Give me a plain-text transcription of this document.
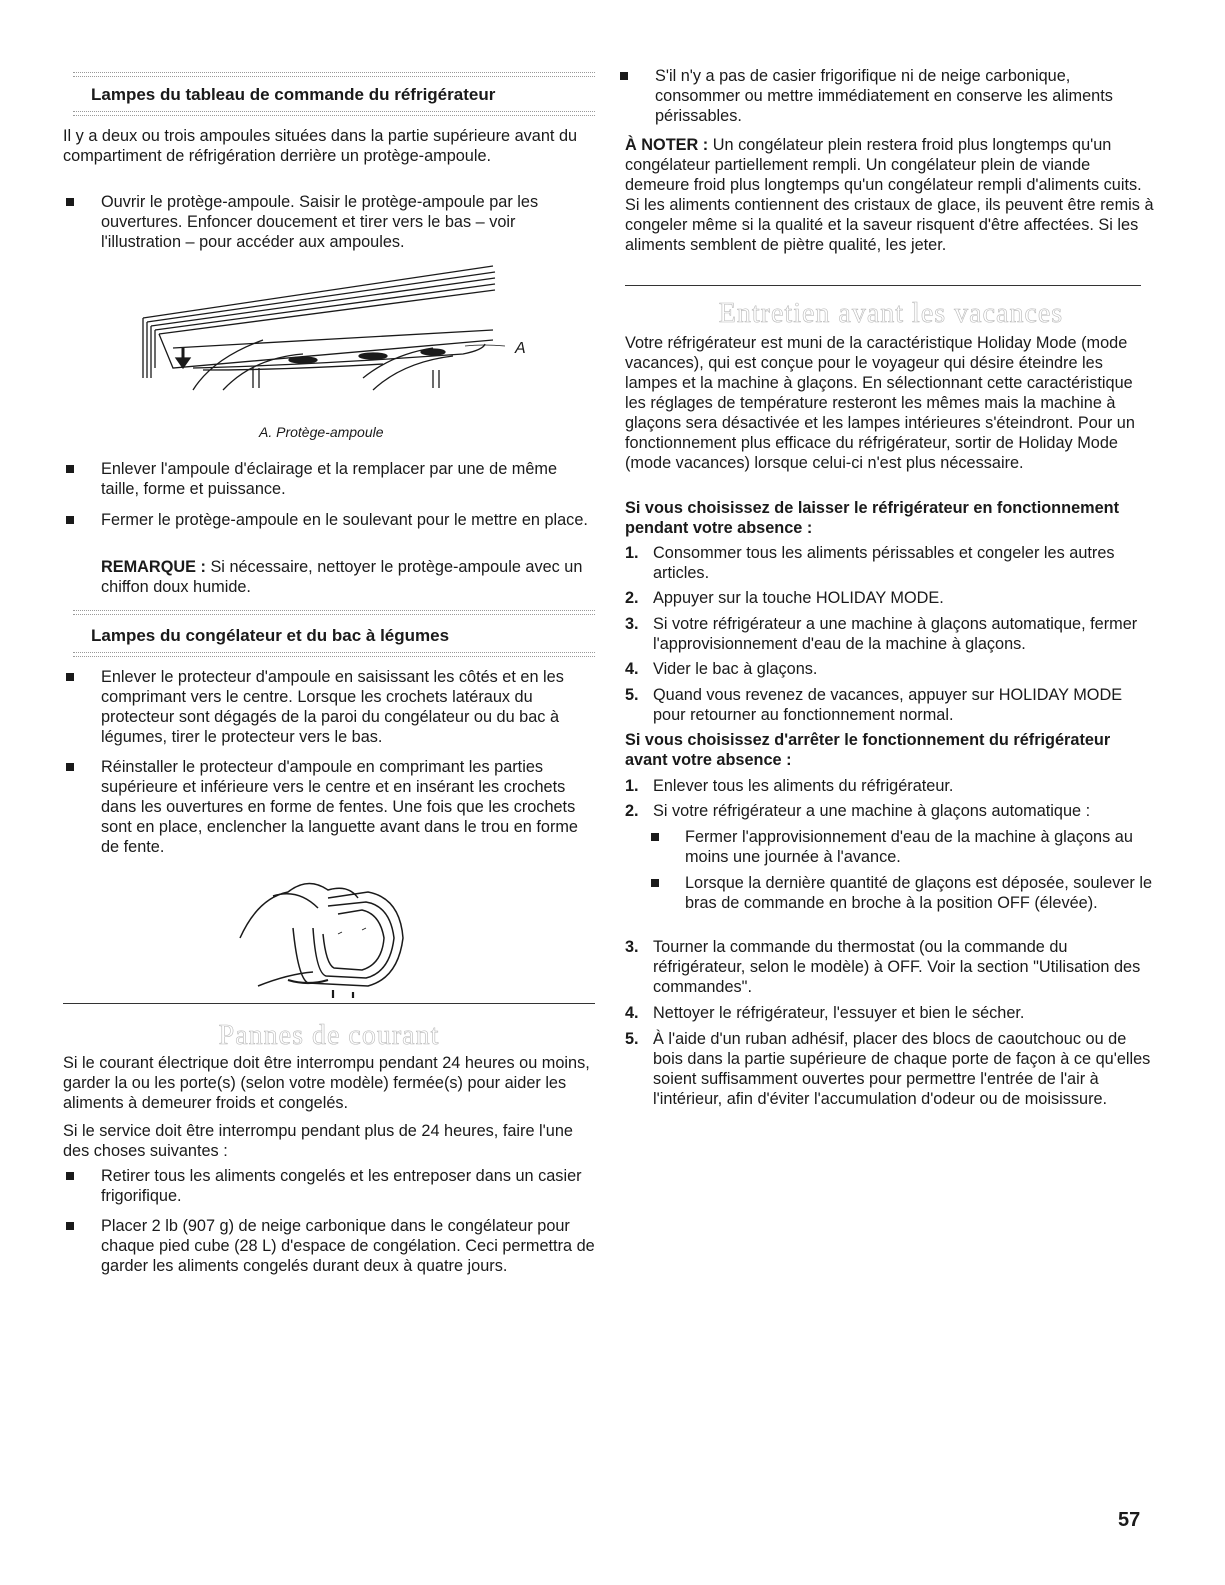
Lampes du tableau de commande du réfrigérateur

Il y a deux ou trois ampoules situées dans la partie supérieure avant du compartiment de réfrigération derrière un protège-ampoule.

Ouvrir le protège-ampoule. Saisir le protège-ampoule par les ouvertures. Enfoncer doucement et tirer vers le bas – voir l'illustration – pour accéder aux ampoules.
A
A. Protège-ampoule
Enlever l'ampoule d'éclairage et la remplacer par une de même taille, forme et puissance.
Fermer le protège-ampoule en le soulevant pour le mettre en place.

REMARQUE : Si nécessaire, nettoyer le protège-ampoule avec un chiffon doux humide.

Lampes du congélateur et du bac à légumes
Enlever le protecteur d'ampoule en saisissant les côtés et en les comprimant vers le centre. Lorsque les crochets latéraux du protecteur sont dégagés de la paroi du congélateur ou du bac à légumes, tirer le protecteur vers le bas.
Réinstaller le protecteur d'ampoule en comprimant les parties supérieure et inférieure vers le centre et en insérant les crochets dans les ouvertures en forme de fentes. Une fois que les crochets sont en place, enclencher la languette avant dans le trou en forme de fente.
Pannes de courant

Si le courant électrique doit être interrompu pendant 24 heures ou moins, garder la ou les porte(s) (selon votre modèle) fermée(s) pour aider les aliments à demeurer froids et congelés.

Si le service doit être interrompu pendant plus de 24 heures, faire l'une des choses suivantes :

Retirer tous les aliments congelés et les entreposer dans un casier frigorifique.
Placer 2 lb (907 g) de neige carbonique dans le congélateur pour chaque pied cube (28 L) d'espace de congélation. Ceci permettra de garder les aliments congelés durant deux à quatre jours.
S'il n'y a pas de casier frigorifique ni de neige carbonique, consommer ou mettre immédiatement en conserve les aliments périssables.

À NOTER : Un congélateur plein restera froid plus longtemps qu'un congélateur partiellement rempli. Un congélateur plein de viande demeure froid plus longtemps qu'un congélateur rempli d'aliments cuits. Si les aliments contiennent des cristaux de glace, ils peuvent être remis à congeler même si la qualité et la saveur risquent d'être affectées. Si les aliments semblent de piètre qualité, les jeter.

Entretien avant les vacances

Votre réfrigérateur est muni de la caractéristique Holiday Mode (mode vacances), qui est conçue pour le voyageur qui désire éteindre les lampes et la machine à glaçons. En sélectionnant cette caractéristique les réglages de température resteront les mêmes mais la machine à glaçons sera désactivée et les lampes intérieures s'éteindront. Pour un fonctionnement plus efficace du réfrigérateur, sortir de Holiday Mode (mode vacances) lorsque celui-ci n'est plus nécessaire.

Si vous choisissez de laisser le réfrigérateur en fonctionnement pendant votre absence :

1. Consommer tous les aliments périssables et congeler les autres articles.
2. Appuyer sur la touche HOLIDAY MODE.
3. Si votre réfrigérateur a une machine à glaçons automatique, fermer l'approvisionnement d'eau de la machine à glaçons.
4. Vider le bac à glaçons.
5. Quand vous revenez de vacances, appuyer sur HOLIDAY MODE pour retourner au fonctionnement normal.

Si vous choisissez d'arrêter le fonctionnement du réfrigérateur avant votre absence :

1. Enlever tous les aliments du réfrigérateur.
2. Si votre réfrigérateur a une machine à glaçons automatique :
Fermer l'approvisionnement d'eau de la machine à glaçons au moins une journée à l'avance.
Lorsque la dernière quantité de glaçons est déposée, soulever le bras de commande en broche à la position OFF (élevée).
3. Tourner la commande du thermostat (ou la commande du réfrigérateur, selon le modèle) à OFF. Voir la section "Utilisation des commandes".
4. Nettoyer le réfrigérateur, l'essuyer et bien le sécher.
5. À l'aide d'un ruban adhésif, placer des blocs de caoutchouc ou de bois dans la partie supérieure de chaque porte de façon à ce qu'elles soient suffisamment ouvertes pour permettre l'entrée de l'air à l'intérieur, afin d'éviter l'accumulation d'odeur ou de moisissure.
57
